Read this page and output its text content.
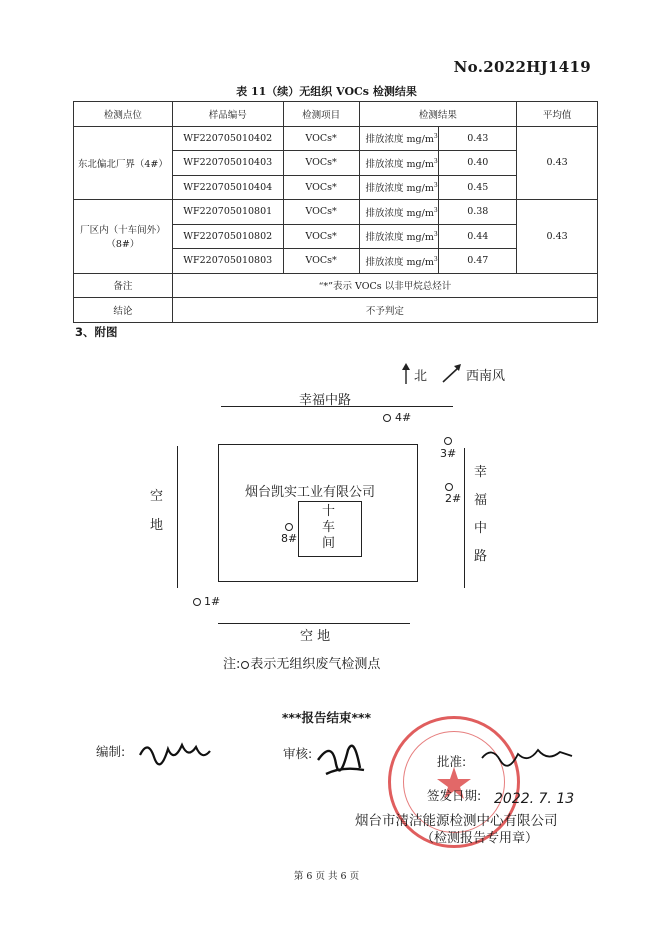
No.2022HJ1419
表 11（续）无组织 VOCs 检测结果
检测点位	样品编号	检测项目	检测结果		平均值
东北偏北厂界（4#）	WF220705010402	VOCs*	排放浓度 $mg/m^3$	0.43	0.43
	WF220705010403	VOCs*	排放浓度 $mg/m^3$	0.40	
	WF220705010404	VOCs*	排放浓度 $mg/m^3$	0.45	
厂区内（十车间外）
（8#）	WF220705010801	VOCs*	排放浓度 $mg/m^3$	0.38	0.43
	WF220705010802	VOCs*	排放浓度 $mg/m^3$	0.44	
	WF220705010803	VOCs*	排放浓度 $mg/m^3$	0.47	
备注	“*”表示 VOCs 以非甲烷总烃计				
结论	不予判定				
3、附图
北	西南风
幸福中路
4#
3#
2#
幸
福
中
路
空
地
烟台凯实工业有限公司
十
车
间
8#
1#
空 地
注: 表示无组织废气检测点
***报告结束***
编制:	审核:
批准:
签发日期: 2022. 7. 13
烟台市清洁能源检测中心有限公司
（检测报告专用章）
第 6 页 共 6 页
